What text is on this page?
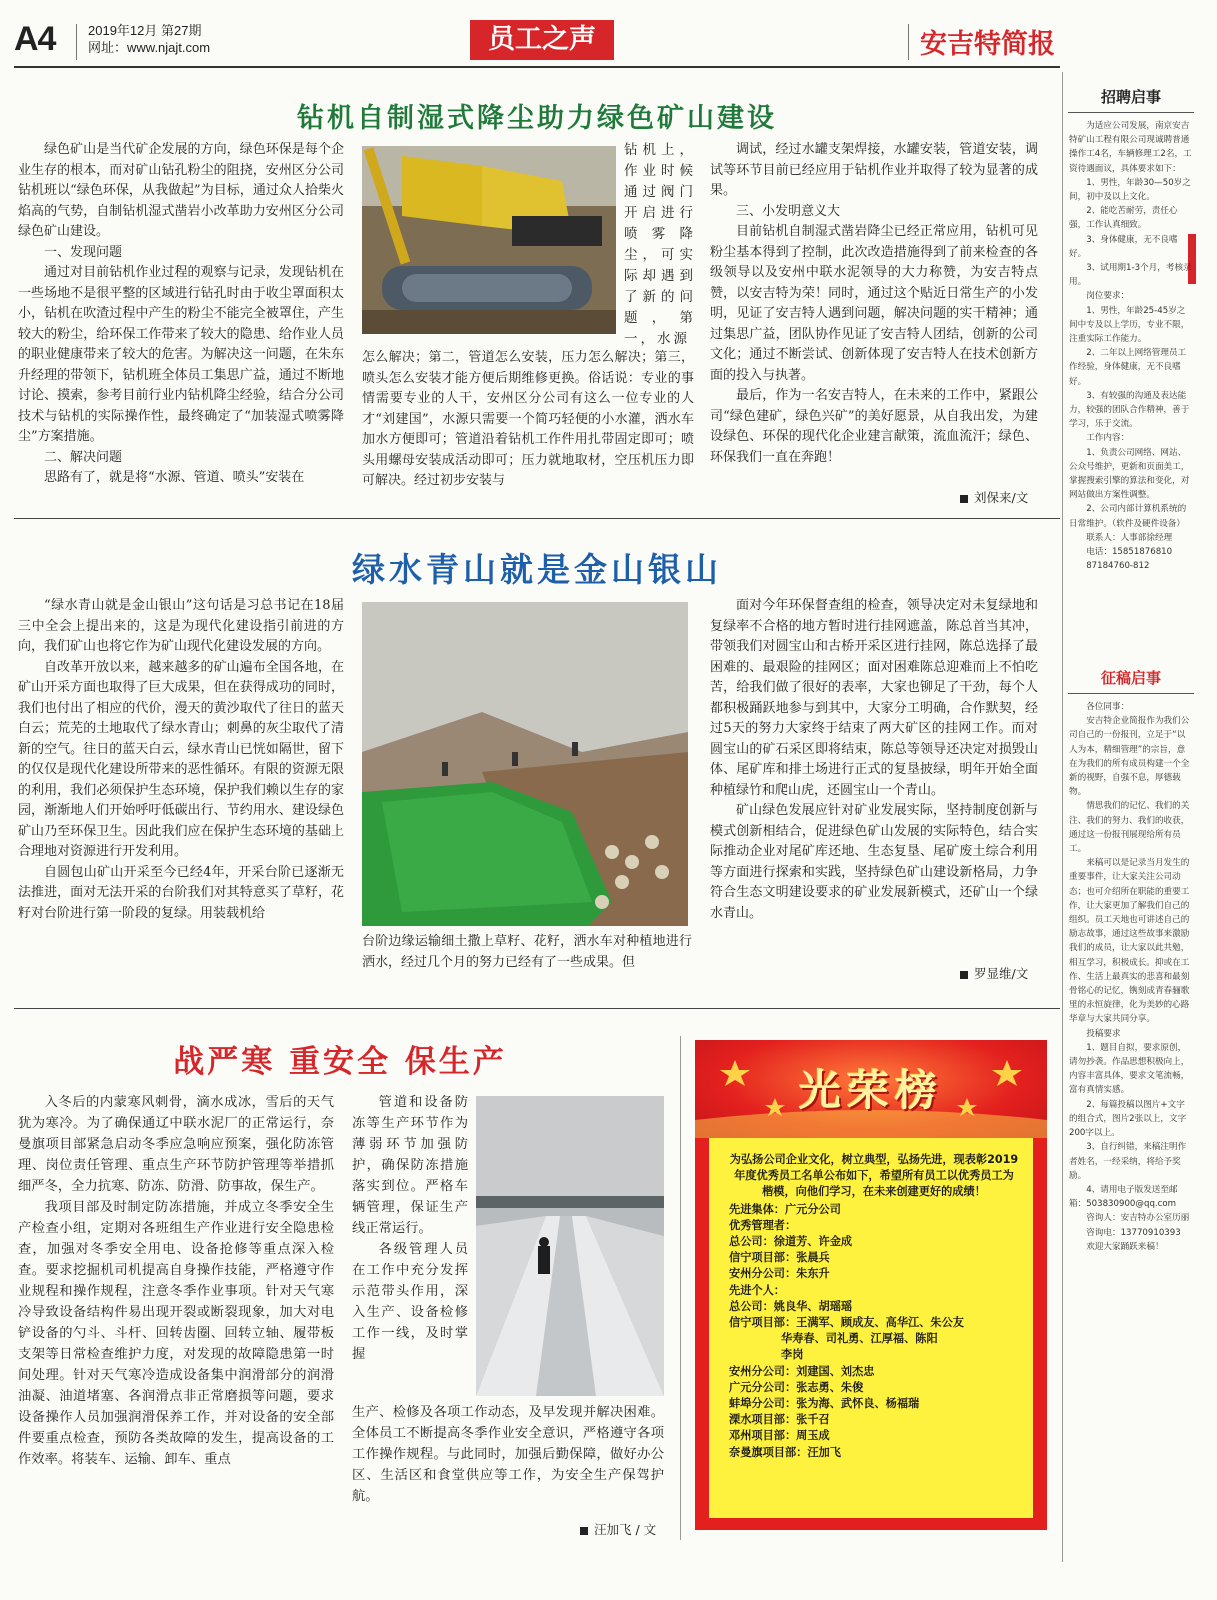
A4	2019年12月 第27期
网址：www.njajt.com	员工之声	安吉特简报
招聘启事

为适应公司发展，南京安吉特矿山工程有限公司现诚聘普通操作工4名，车辆修理工2名，工资待遇面议，具体要求如下：

1、男性，年龄30—50岁之间，初中及以上文化。

2、能吃苦耐劳，责任心强，工作认真细致。

3、身体健康，无不良嗜好。

3、试用期1-3个月，考核录用。

岗位要求：

1、男性，年龄25-45岁之间中专及以上学历，专业不限，注重实际工作能力。

2、二年以上网络管理员工作经验，身体健康，无不良嗜好。

3、有较强的沟通及表达能力，较强的团队合作精神，善于学习，乐于交流。

工作内容：

1、负责公司网络、网站、公众号维护，更新和页面美工，掌握搜索引擎的算法和变化，对网站做出方案性调整。

2、公司内部计算机系统的日常维护。（软件及硬件设备）

联系人：人事部徐经理

电话：15851876810

87184760-812

征稿启事

各位同事：

安吉特企业简报作为我们公司自己的一份报刊，立足于“以人为本，精细管理”的宗旨，意在为我们的所有成员构建一个全新的视野，自强不息，厚德载物。

情思我们的记忆、我们的关注、我们的努力、我们的收获，通过这一份报刊展现给所有员工。

来稿可以是记录当月发生的重要事件，让大家关注公司动态；也可介绍所在职能的重要工作，让大家更加了解我们自己的组织。员工天地也可讲述自己的励志故事，通过这些故事来激励我们的成员，让大家以此共勉，相互学习，积极成长。抑或在工作、生活上最真实的悲喜和最刻骨铭心的记忆，镌刻成青春骊歌里的永恒旋律，化为美妙的心路华章与大家共同分享。

投稿要求

1、题目自拟，要求原创，请勿抄袭。作品思想积极向上，内容丰富具体，要求文笔流畅，富有真情实感。

2、每篇投稿以图片+文字的组合式，图片2张以上，文字200字以上。

3、自行纠错，来稿注明作者姓名，一经采纳，将给予奖励。

4、请用电子版发送至邮箱：503830900@qq.com

咨询人：安吉特办公室历丽

咨询电：13770910393

欢迎大家踊跃来稿！

钻机自制湿式降尘助力绿色矿山建设

绿色矿山是当代矿企发展的方向，绿色环保是每个企业生存的根本，而对矿山钻孔粉尘的阻挠，安州区分公司钻机班以“绿色环保，从我做起”为目标，通过众人拾柴火焰高的气势，自制钻机湿式凿岩小改革助力安州区分公司绿色矿山建设。

一、发现问题

通过对目前钻机作业过程的观察与记录，发现钻机在一些场地不是很平整的区域进行钻孔时由于收尘罩面积太小，钻机在吹渣过程中产生的粉尘不能完全被罩住，产生较大的粉尘，给环保工作带来了较大的隐患、给作业人员的职业健康带来了较大的危害。为解决这一问题，在朱东升经理的带领下，钻机班全体员工集思广益，通过不断地讨论、摸索，参考目前行业内钻机降尘经验，结合分公司技术与钻机的实际操作性，最终确定了“加装湿式喷雾降尘”方案措施。

二、解决问题

思路有了，就是将“水源、管道、喷头”安装在

钻机上，作业时候通过阀门开启进行喷雾降尘，可实际却遇到了新的问题，第一，水源

怎么解决；第二，管道怎么安装，压力怎么解决；第三，喷头怎么安装才能方便后期维修更换。俗话说：专业的事情需要专业的人干，安州区分公司有这么一位专业的人才“刘建国”，水源只需要一个简巧轻便的小水灌，洒水车加水方便即可；管道沿着钻机工作件用扎带固定即可；喷头用螺母安装成活动即可；压力就地取材，空压机压力即可解决。经过初步安装与

调试，经过水罐支架焊接，水罐安装，管道安装，调试等环节目前已经应用于钻机作业并取得了较为显著的成果。

三、小发明意义大

目前钻机自制湿式凿岩降尘已经正常应用，钻机可见粉尘基本得到了控制，此次改造措施得到了前来检查的各级领导以及安州中联水泥领导的大力称赞，为安吉特点赞，以安吉特为荣！同时，通过这个贴近日常生产的小发明，见证了安吉特人遇到问题，解决问题的实干精神；通过集思广益，团队协作见证了安吉特人团结，创新的公司文化；通过不断尝试、创新体现了安吉特人在技术创新方面的投入与执著。

最后，作为一名安吉特人，在未来的工作中，紧跟公司“绿色建矿，绿色兴矿”的美好愿景，从自我出发，为建设绿色、环保的现代化企业建言献策，流血流汗；绿色、环保我们一直在奔跑！

刘保来/文
绿水青山就是金山银山

“绿水青山就是金山银山”这句话是习总书记在18届三中全会上提出来的，这是为现代化建设指引前进的方向，我们矿山也将它作为矿山现代化建设发展的方向。

自改革开放以来，越来越多的矿山遍布全国各地，在矿山开采方面也取得了巨大成果，但在获得成功的同时，我们也付出了相应的代价，漫天的黄沙取代了往日的蓝天白云；荒芜的土地取代了绿水青山；刺鼻的灰尘取代了清新的空气。往日的蓝天白云，绿水青山已恍如隔世，留下的仅仅是现代化建设所带来的恶性循环。有限的资源无限的利用，我们必须保护生态环境，保护我们赖以生存的家园，渐渐地人们开始呼吁低碳出行、节约用水、建设绿色矿山乃至环保卫生。因此我们应在保护生态环境的基础上合理地对资源进行开发利用。

自圆包山矿山开采至今已经4年，开采台阶已逐渐无法推进，面对无法开采的台阶我们对其特意买了草籽，花籽对台阶进行第一阶段的复绿。用装载机给

台阶边缘运输细土撒上草籽、花籽，洒水车对种植地进行洒水，经过几个月的努力已经有了一些成果。但

面对今年环保督查组的检查，领导决定对未复绿地和复绿率不合格的地方暂时进行挂网遮盖，陈总首当其冲，带领我们对圆宝山和古桥开采区进行挂网，陈总选择了最困难的、最艰险的挂网区；面对困难陈总迎难而上不怕吃苦，给我们做了很好的表率，大家也铆足了干劲，每个人都积极踊跃地参与到其中，大家分工明确，合作默契，经过5天的努力大家终于结束了两大矿区的挂网工作。而对圆宝山的矿石采区即将结束，陈总等领导还决定对损毁山体、尾矿库和排土场进行正式的复垦披绿，明年开始全面种植绿竹和爬山虎，还圆宝山一个青山。

矿山绿色发展应针对矿业发展实际，坚持制度创新与模式创新相结合，促进绿色矿山发展的实际特色，结合实际推动企业对尾矿库还地、生态复垦、尾矿废土综合利用等方面进行探索和实践，坚持绿色矿山建设新格局，力争符合生态文明建设要求的矿业发展新模式，还矿山一个绿水青山。

罗显维/文
战严寒 重安全 保生产

入冬后的内蒙寒风刺骨，滴水成冰，雪后的天气犹为寒冷。为了确保通辽中联水泥厂的正常运行，奈曼旗项目部紧急启动冬季应急响应预案，强化防冻管理、岗位责任管理、重点生产环节防护管理等举措抓细严冬，全力抗寒、防冻、防滑、防事故，保生产。

我项目部及时制定防冻措施，并成立冬季安全生产检查小组，定期对各班组生产作业进行安全隐患检查，加强对冬季安全用电、设备抢修等重点深入检查。要求挖掘机司机提高自身操作技能，严格遵守作业规程和操作规程，注意冬季作业事项。针对天气寒冷导致设备结构件易出现开裂或断裂现象，加大对电铲设备的勺斗、斗杆、回转齿圈、回转立轴、履带板支架等日常检查维护力度，对发现的故障隐患第一时间处理。针对天气寒冷造成设备集中润滑部分的润滑油凝、油道堵塞、各润滑点非正常磨损等问题，要求设备操作人员加强润滑保养工作，并对设备的安全部件要重点检查，预防各类故障的发生，提高设备的工作效率。将装车、运输、卸车、重点

管道和设备防冻等生产环节作为薄弱环节加强防护，确保防冻措施落实到位。严格车辆管理，保证生产线正常运行。

各级管理人员在工作中充分发挥示范带头作用，深入生产、设备检修工作一线，及时掌握

生产、检修及各项工作动态，及早发现并解决困难。全体员工不断提高冬季作业安全意识，严格遵守各项工作操作规程。与此同时，加强后勤保障，做好办公区、生活区和食堂供应等工作，为安全生产保驾护航。

汪加飞 / 文
光荣榜
为弘扬公司企业文化，树立典型，弘扬先进，现表彰2019年度优秀员工名单公布如下，希望所有员工以优秀员工为楷模，向他们学习，在未来创建更好的成绩！
先进集体：广元分公司
优秀管理者：
总公司：徐道芳、许金成
信宁项目部：张晨兵
安州分公司：朱东升
先进个人：
总公司：姚良华、胡瑶瑶
信宁项目部：王满军、顾成友、高华江、朱公友
华寿春、司礼勇、江厚福、陈阳
李岗
安州分公司：刘建国、刘杰忠
广元分公司：张志勇、朱俊
蚌埠分公司：张为海、武怀良、杨福瑞
溧水项目部：张千召
邓州项目部：周玉成
奈曼旗项目部：汪加飞
